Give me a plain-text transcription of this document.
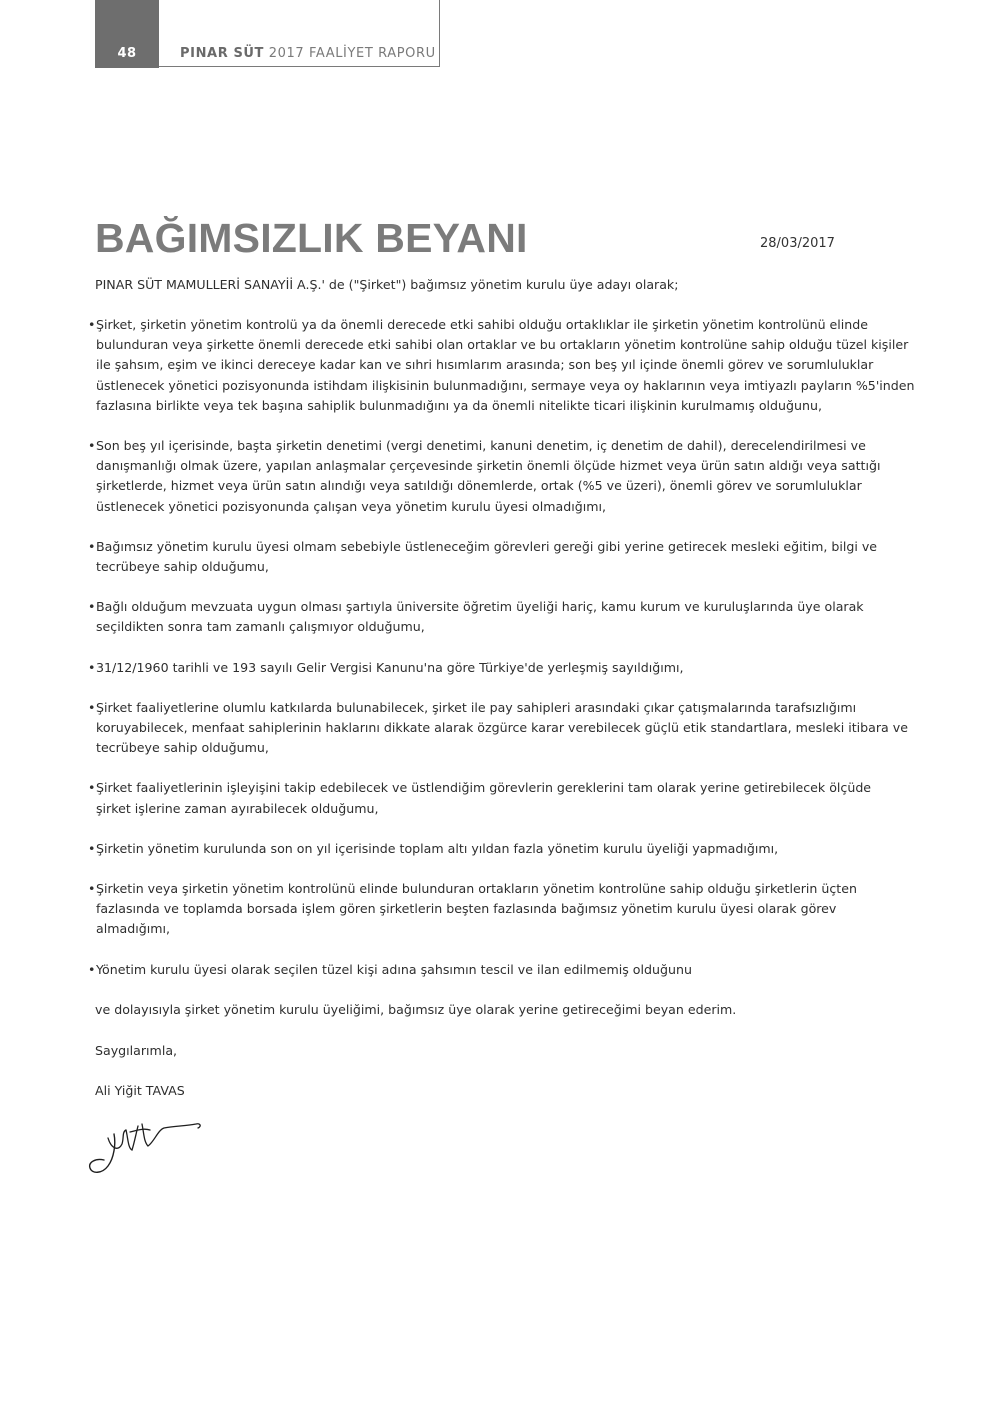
48	PINAR SÜT 2017 FAALİYET RAPORU
BAĞIMSIZLIK BEYANI	28/03/2017
PINAR SÜT MAMULLERİ SANAYİİ A.Ş.' de ("Şirket") bağımsız yönetim kurulu üye adayı olarak;
• Şirket, şirketin yönetim kontrolü ya da önemli derecede etki sahibi olduğu ortaklıklar ile şirketin yönetim kontrolünü elinde
bulunduran veya şirkette önemli derecede etki sahibi olan ortaklar ve bu ortakların yönetim kontrolüne sahip olduğu tüzel kişiler
ile şahsım, eşim ve ikinci dereceye kadar kan ve sıhri hısımlarım arasında; son beş yıl içinde önemli görev ve sorumluluklar
üstlenecek yönetici pozisyonunda istihdam ilişkisinin bulunmadığını, sermaye veya oy haklarının veya imtiyazlı payların %5'inden
fazlasına birlikte veya tek başına sahiplik bulunmadığını ya da önemli nitelikte ticari ilişkinin kurulmamış olduğunu,
• Son beş yıl içerisinde, başta şirketin denetimi (vergi denetimi, kanuni denetim, iç denetim de dahil), derecelendirilmesi ve
danışmanlığı olmak üzere, yapılan anlaşmalar çerçevesinde şirketin önemli ölçüde hizmet veya ürün satın aldığı veya sattığı
şirketlerde, hizmet veya ürün satın alındığı veya satıldığı dönemlerde, ortak (%5 ve üzeri), önemli görev ve sorumluluklar
üstlenecek yönetici pozisyonunda çalışan veya yönetim kurulu üyesi olmadığımı,
• Bağımsız yönetim kurulu üyesi olmam sebebiyle üstleneceğim görevleri gereği gibi yerine getirecek mesleki eğitim, bilgi ve
tecrübeye sahip olduğumu,
• Bağlı olduğum mevzuata uygun olması şartıyla üniversite öğretim üyeliği hariç, kamu kurum ve kuruluşlarında üye olarak
seçildikten sonra tam zamanlı çalışmıyor olduğumu,
• 31/12/1960 tarihli ve 193 sayılı Gelir Vergisi Kanunu'na göre Türkiye'de yerleşmiş sayıldığımı,
• Şirket faaliyetlerine olumlu katkılarda bulunabilecek, şirket ile pay sahipleri arasındaki çıkar çatışmalarında tarafsızlığımı
koruyabilecek, menfaat sahiplerinin haklarını dikkate alarak özgürce karar verebilecek güçlü etik standartlara, mesleki itibara ve
tecrübeye sahip olduğumu,
• Şirket faaliyetlerinin işleyişini takip edebilecek ve üstlendiğim görevlerin gereklerini tam olarak yerine getirebilecek ölçüde
şirket işlerine zaman ayırabilecek olduğumu,
• Şirketin yönetim kurulunda son on yıl içerisinde toplam altı yıldan fazla yönetim kurulu üyeliği yapmadığımı,
• Şirketin veya şirketin yönetim kontrolünü elinde bulunduran ortakların yönetim kontrolüne sahip olduğu şirketlerin üçten
fazlasında ve toplamda borsada işlem gören şirketlerin beşten fazlasında bağımsız yönetim kurulu üyesi olarak görev
almadığımı,
• Yönetim kurulu üyesi olarak seçilen tüzel kişi adına şahsımın tescil ve ilan edilmemiş olduğunu
ve dolayısıyla şirket yönetim kurulu üyeliğimi, bağımsız üye olarak yerine getireceğimi beyan ederim.
Saygılarımla,
Ali Yiğit TAVAS
